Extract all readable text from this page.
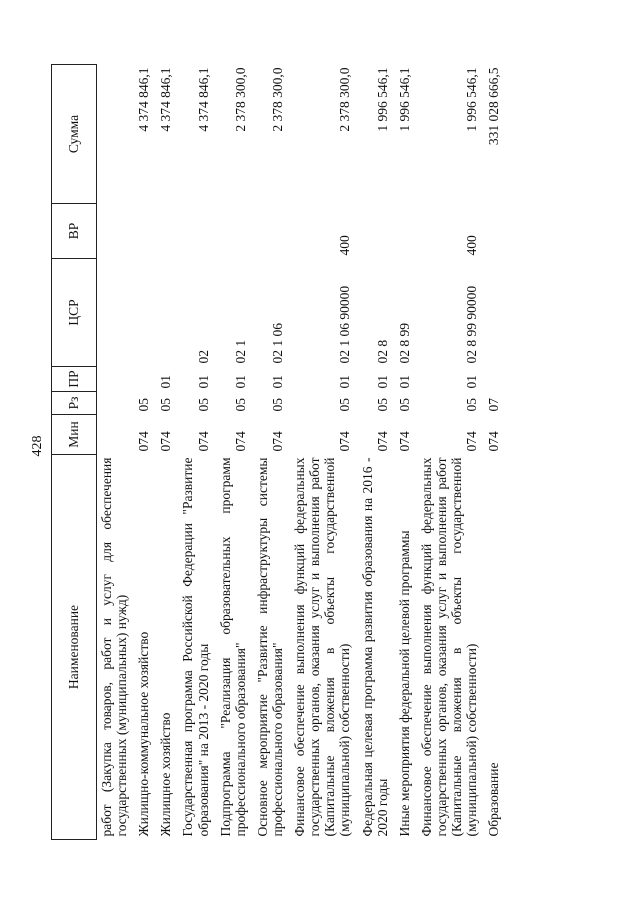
428
Наименование	Мин	Рз	ПР	ЦСР	ВР	Сумма
работ (Закупка товаров, работ и услуг для обеспечения государственных (муниципальных) нужд)						
Жилищно-коммунальное хозяйство	074	05				4 374 846,1
Жилищное хозяйство	074	05	01			4 374 846,1
Государственная программа Российской Федерации "Развитие образования" на 2013 - 2020 годы	074	05	01	02		4 374 846,1
Подпрограмма "Реализация образовательных программ профессионального образования"	074	05	01	02 1		2 378 300,0
Основное мероприятие "Развитие инфраструктуры системы профессионального образования"	074	05	01	02 1 06		2 378 300,0
Финансовое обеспечение выполнения функций федеральных государственных органов, оказания услуг и выполнения работ (Капитальные вложения в объекты государственной (муниципальной) собственности)	074	05	01	02 1 06 90000	400	2 378 300,0
Федеральная целевая программа развития образования на 2016 - 2020 годы	074	05	01	02 8		1 996 546,1
Иные мероприятия федеральной целевой программы	074	05	01	02 8 99		1 996 546,1
Финансовое обеспечение выполнения функций федеральных государственных органов, оказания услуг и выполнения работ (Капитальные вложения в объекты государственной (муниципальной) собственности)	074	05	01	02 8 99 90000	400	1 996 546,1
Образование	074	07				331 028 666,5
